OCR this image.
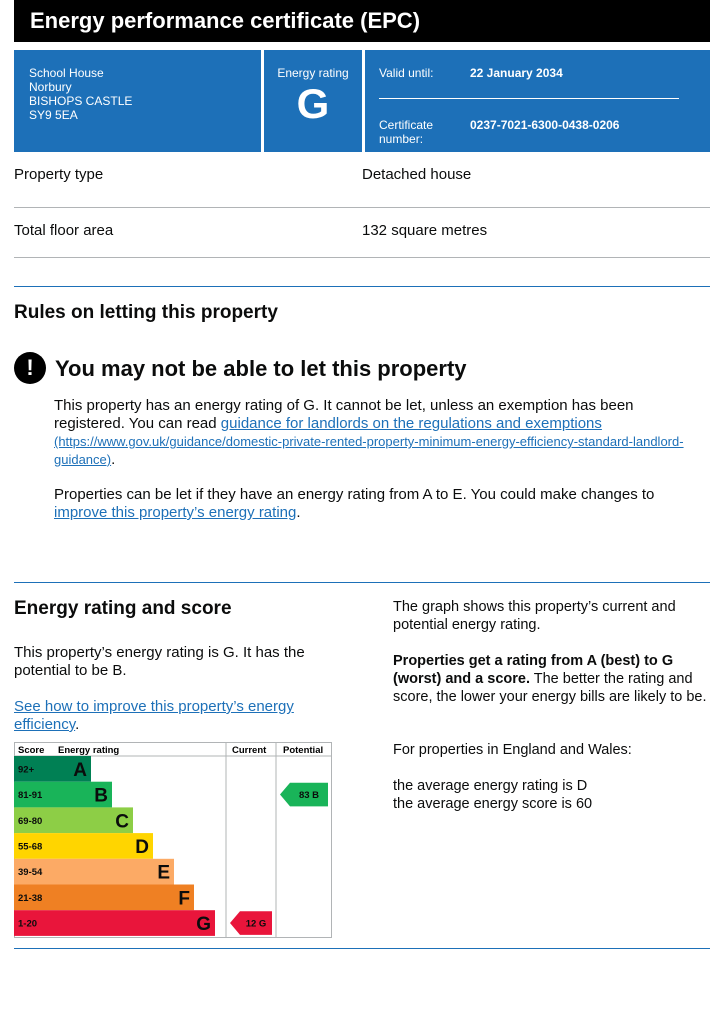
Energy performance certificate (EPC)
School House
Norbury
BISHOPS CASTLE
SY9 5EA
Energy rating
G
Valid until:	22 January 2034
Certificate number:
0237-7021-6300-0438-0206
Property type	Detached house
Total floor area	132 square metres
Rules on letting this property
! You may not be able to let this property
This property has an energy rating of G. It cannot be let, unless an exemption has been registered. You can read guidance for landlords on the regulations and exemptions
(https://www.gov.uk/guidance/domestic-private-rented-property-minimum-energy-efficiency-standard-landlord-guidance).
Properties can be let if they have an energy rating from A to E. You could make changes to improve this property’s energy rating.
Energy rating and score
This property’s energy rating is G. It has the potential to be B.
See how to improve this property’s energy efficiency.
The graph shows this property’s current and potential energy rating.
Properties get a rating from A (best) to G (worst) and a score. The better the rating and score, the lower your energy bills are likely to be.
For properties in England and Wales:
the average energy rating is D
the average energy score is 60
Score Energy rating	Current Potential
92+ A
81-91	B
69-80	C
55-68	D
39-54	E
21-38	F
1-20	G	12 G
83 B
